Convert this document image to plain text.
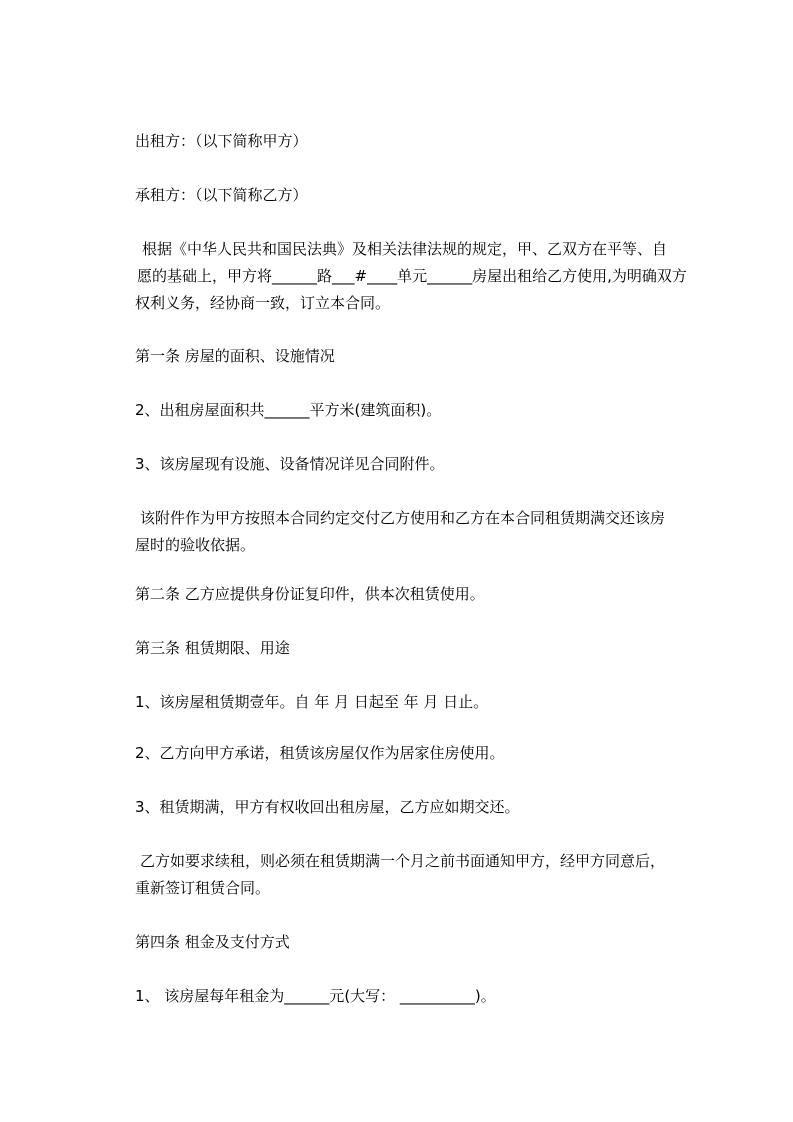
出租方：（以下简称甲方）
承租方：（以下简称乙方）
根据《中华人民共和国民法典》及相关法律法规的规定，甲、乙双方在平等、自
愿的基础上，甲方将______路___#____单元______房屋出租给乙方使用,为明确双方
权利义务，经协商一致，订立本合同。
第一条 房屋的面积、设施情况
2、出租房屋面积共______平方米(建筑面积)。
3、该房屋现有设施、设备情况详见合同附件。
该附件作为甲方按照本合同约定交付乙方使用和乙方在本合同租赁期满交还该房
屋时的验收依据。
第二条 乙方应提供身份证复印件，供本次租赁使用。
第三条 租赁期限、用途
1、该房屋租赁期壹年。自 年 月 日起至 年 月 日止。
2、乙方向甲方承诺，租赁该房屋仅作为居家住房使用。
3、租赁期满，甲方有权收回出租房屋，乙方应如期交还。
乙方如要求续租，则必须在租赁期满一个月之前书面通知甲方，经甲方同意后，
重新签订租赁合同。
第四条 租金及支付方式
1、 该房屋每年租金为______元(大写： __________)。
